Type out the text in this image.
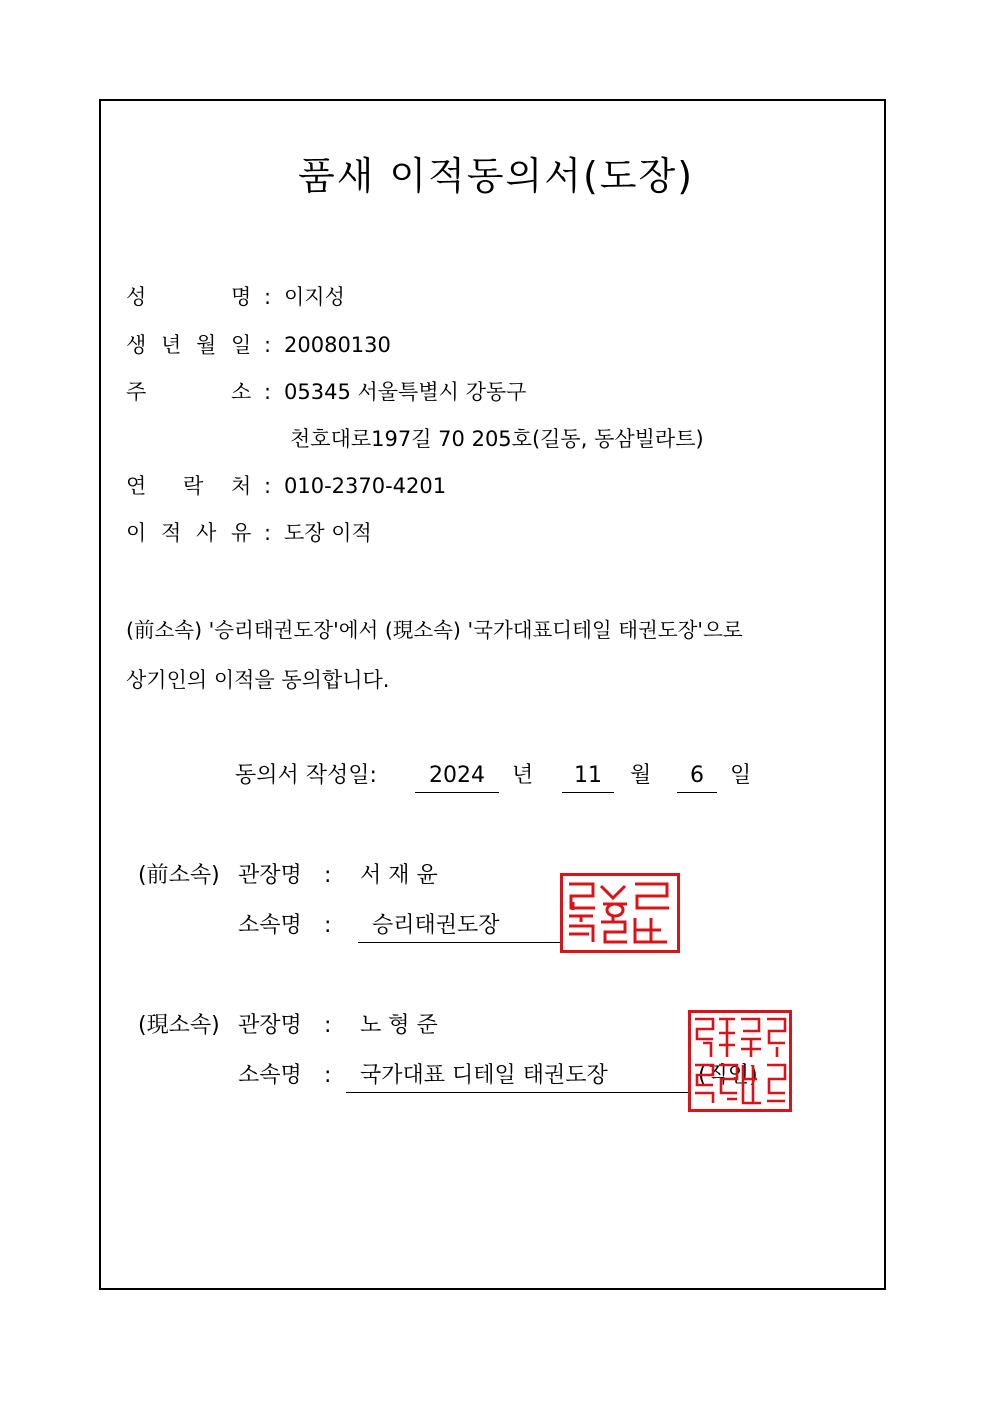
품새 이적동의서(도장)
성	명 : 이지성
생 년 월 일 : 20080130
주	소 : 05345 서울특별시 강동구
천호대로197길 70 205호(길동, 동삼빌라트)
연 락 처 : 010-2370-4201
이 적 사 유 : 도장 이적
(前소속) '승리태권도장'에서 (現소속) '국가대표디테일 태권도장'으로
상기인의 이적을 동의합니다.
동의서 작성일:	2024	년	11	월	6	일
(前소속) 관장명 : 서 재 윤
소속명 :	승리태권도장
(現소속) 관장명 : 노 형 준
소속명 :	국가대표 디테일 태권도장	(직인)
